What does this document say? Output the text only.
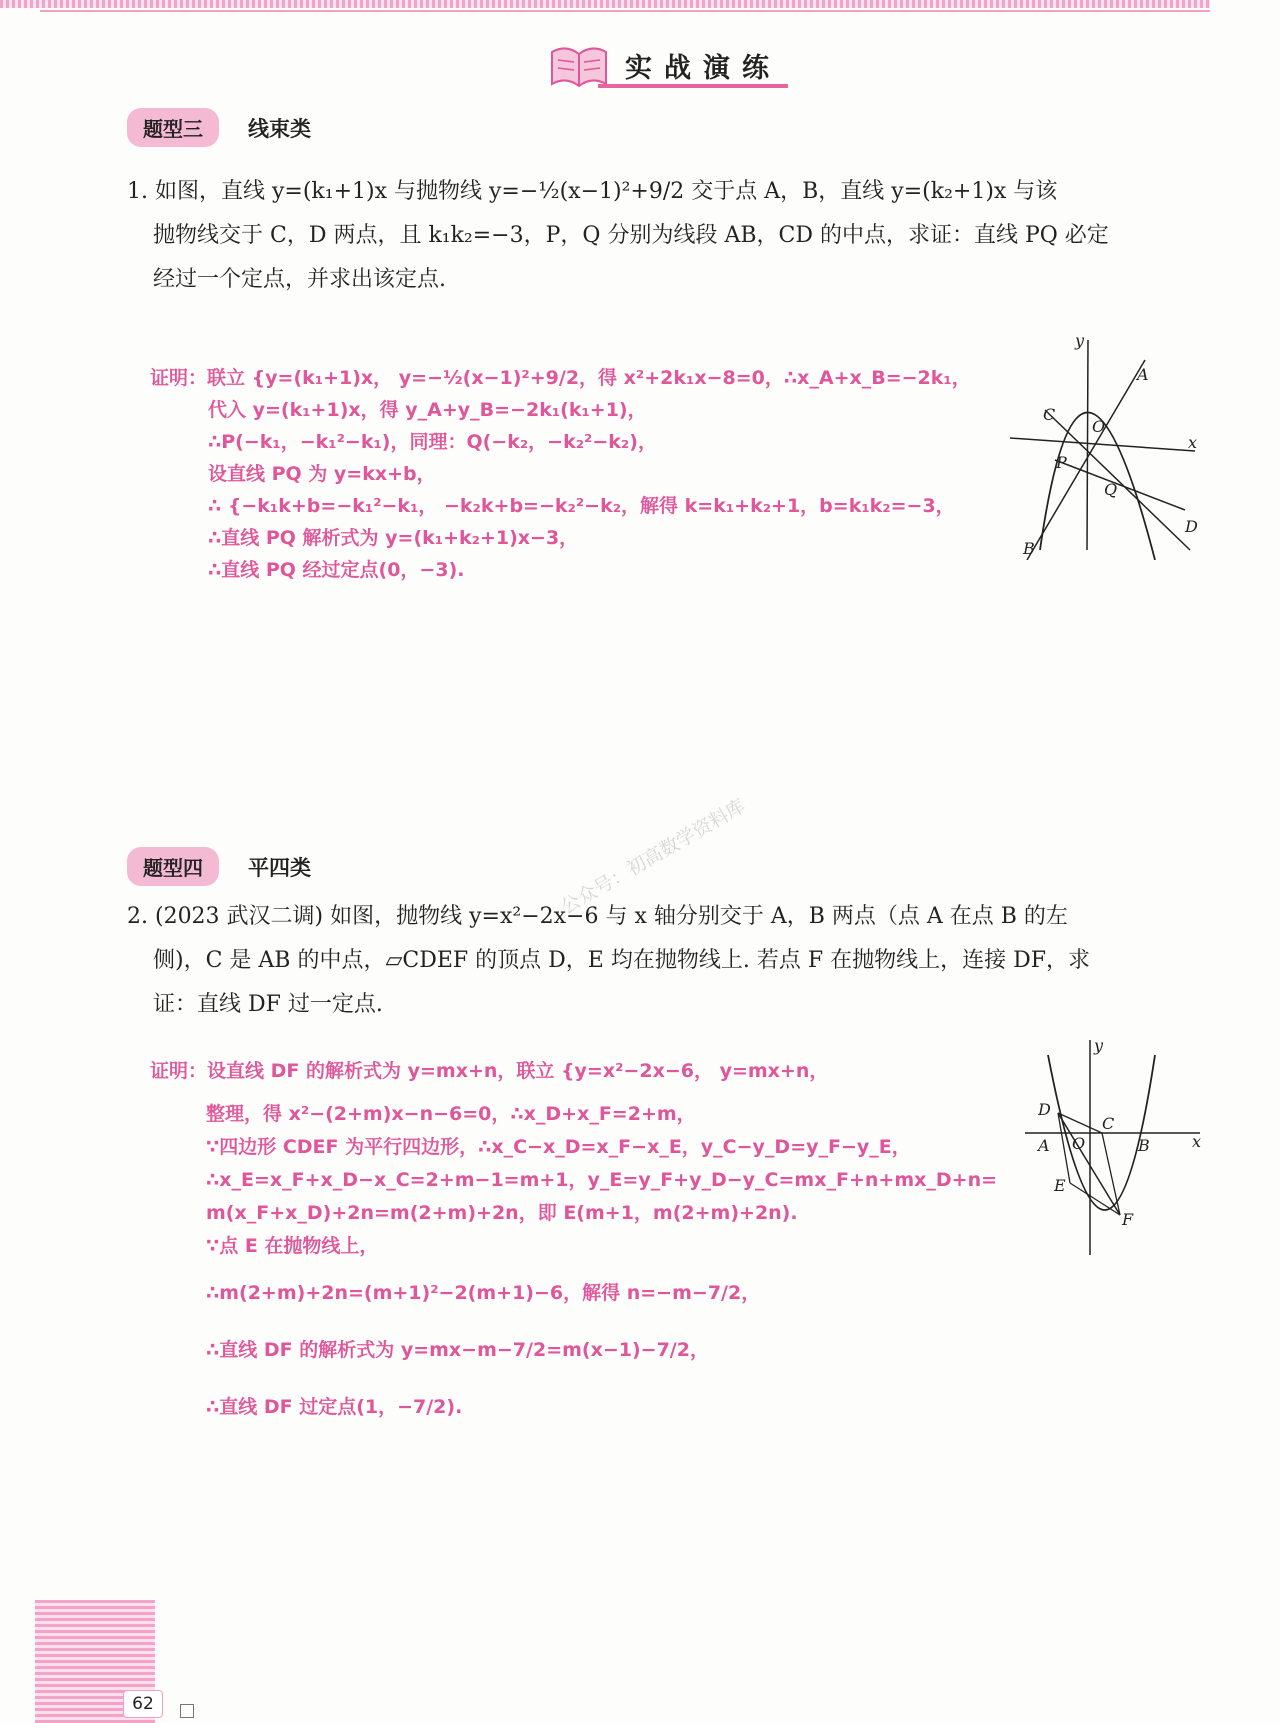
实战演练
题型三	线束类
1. 如图，直线 y=(k₁+1)x 与抛物线 y=−½(x−1)²+9/2 交于点 A，B，直线 y=(k₂+1)x 与该
抛物线交于 C，D 两点，且 k₁k₂=−3，P，Q 分别为线段 AB，CD 的中点，求证：直线 PQ 必定
经过一个定点，并求出该定点.
证明：联立 {y=(k₁+1)x， y=−½(x−1)²+9/2，得 x²+2k₁x−8=0，∴x_A+x_B=−2k₁，
代入 y=(k₁+1)x，得 y_A+y_B=−2k₁(k₁+1)，
∴P(−k₁，−k₁²−k₁)，同理：Q(−k₂，−k₂²−k₂)，
设直线 PQ 为 y=kx+b，
∴ {−k₁k+b=−k₁²−k₁， −k₂k+b=−k₂²−k₂，解得 k=k₁+k₂+1，b=k₁k₂=−3，
∴直线 PQ 解析式为 y=(k₁+k₂+1)x−3，
∴直线 PQ 经过定点(0，−3).
y
A
C
O
x
P
Q
B
D
题型四	平四类	公众号：初高数学资料库
2. (2023 武汉二调) 如图，抛物线 y=x²−2x−6 与 x 轴分别交于 A，B 两点（点 A 在点 B 的左
侧)，C 是 AB 的中点，▱CDEF 的顶点 D，E 均在抛物线上. 若点 F 在抛物线上，连接 DF，求
证：直线 DF 过一定点.
证明：设直线 DF 的解析式为 y=mx+n，联立 {y=x²−2x−6， y=mx+n，
整理，得 x²−(2+m)x−n−6=0，∴x_D+x_F=2+m，
∵四边形 CDEF 为平行四边形，∴x_C−x_D=x_F−x_E，y_C−y_D=y_F−y_E，
∴x_E=x_F+x_D−x_C=2+m−1=m+1，y_E=y_F+y_D−y_C=mx_F+n+mx_D+n=
m(x_F+x_D)+2n=m(2+m)+2n，即 E(m+1，m(2+m)+2n).
∵点 E 在抛物线上，
∴m(2+m)+2n=(m+1)²−2(m+1)−6，解得 n=−m−7/2，
∴直线 DF 的解析式为 y=mx−m−7/2=m(x−1)−7/2，
∴直线 DF 过定点(1，−7/2).
y
D
C
A O	B	x
E
F
62
